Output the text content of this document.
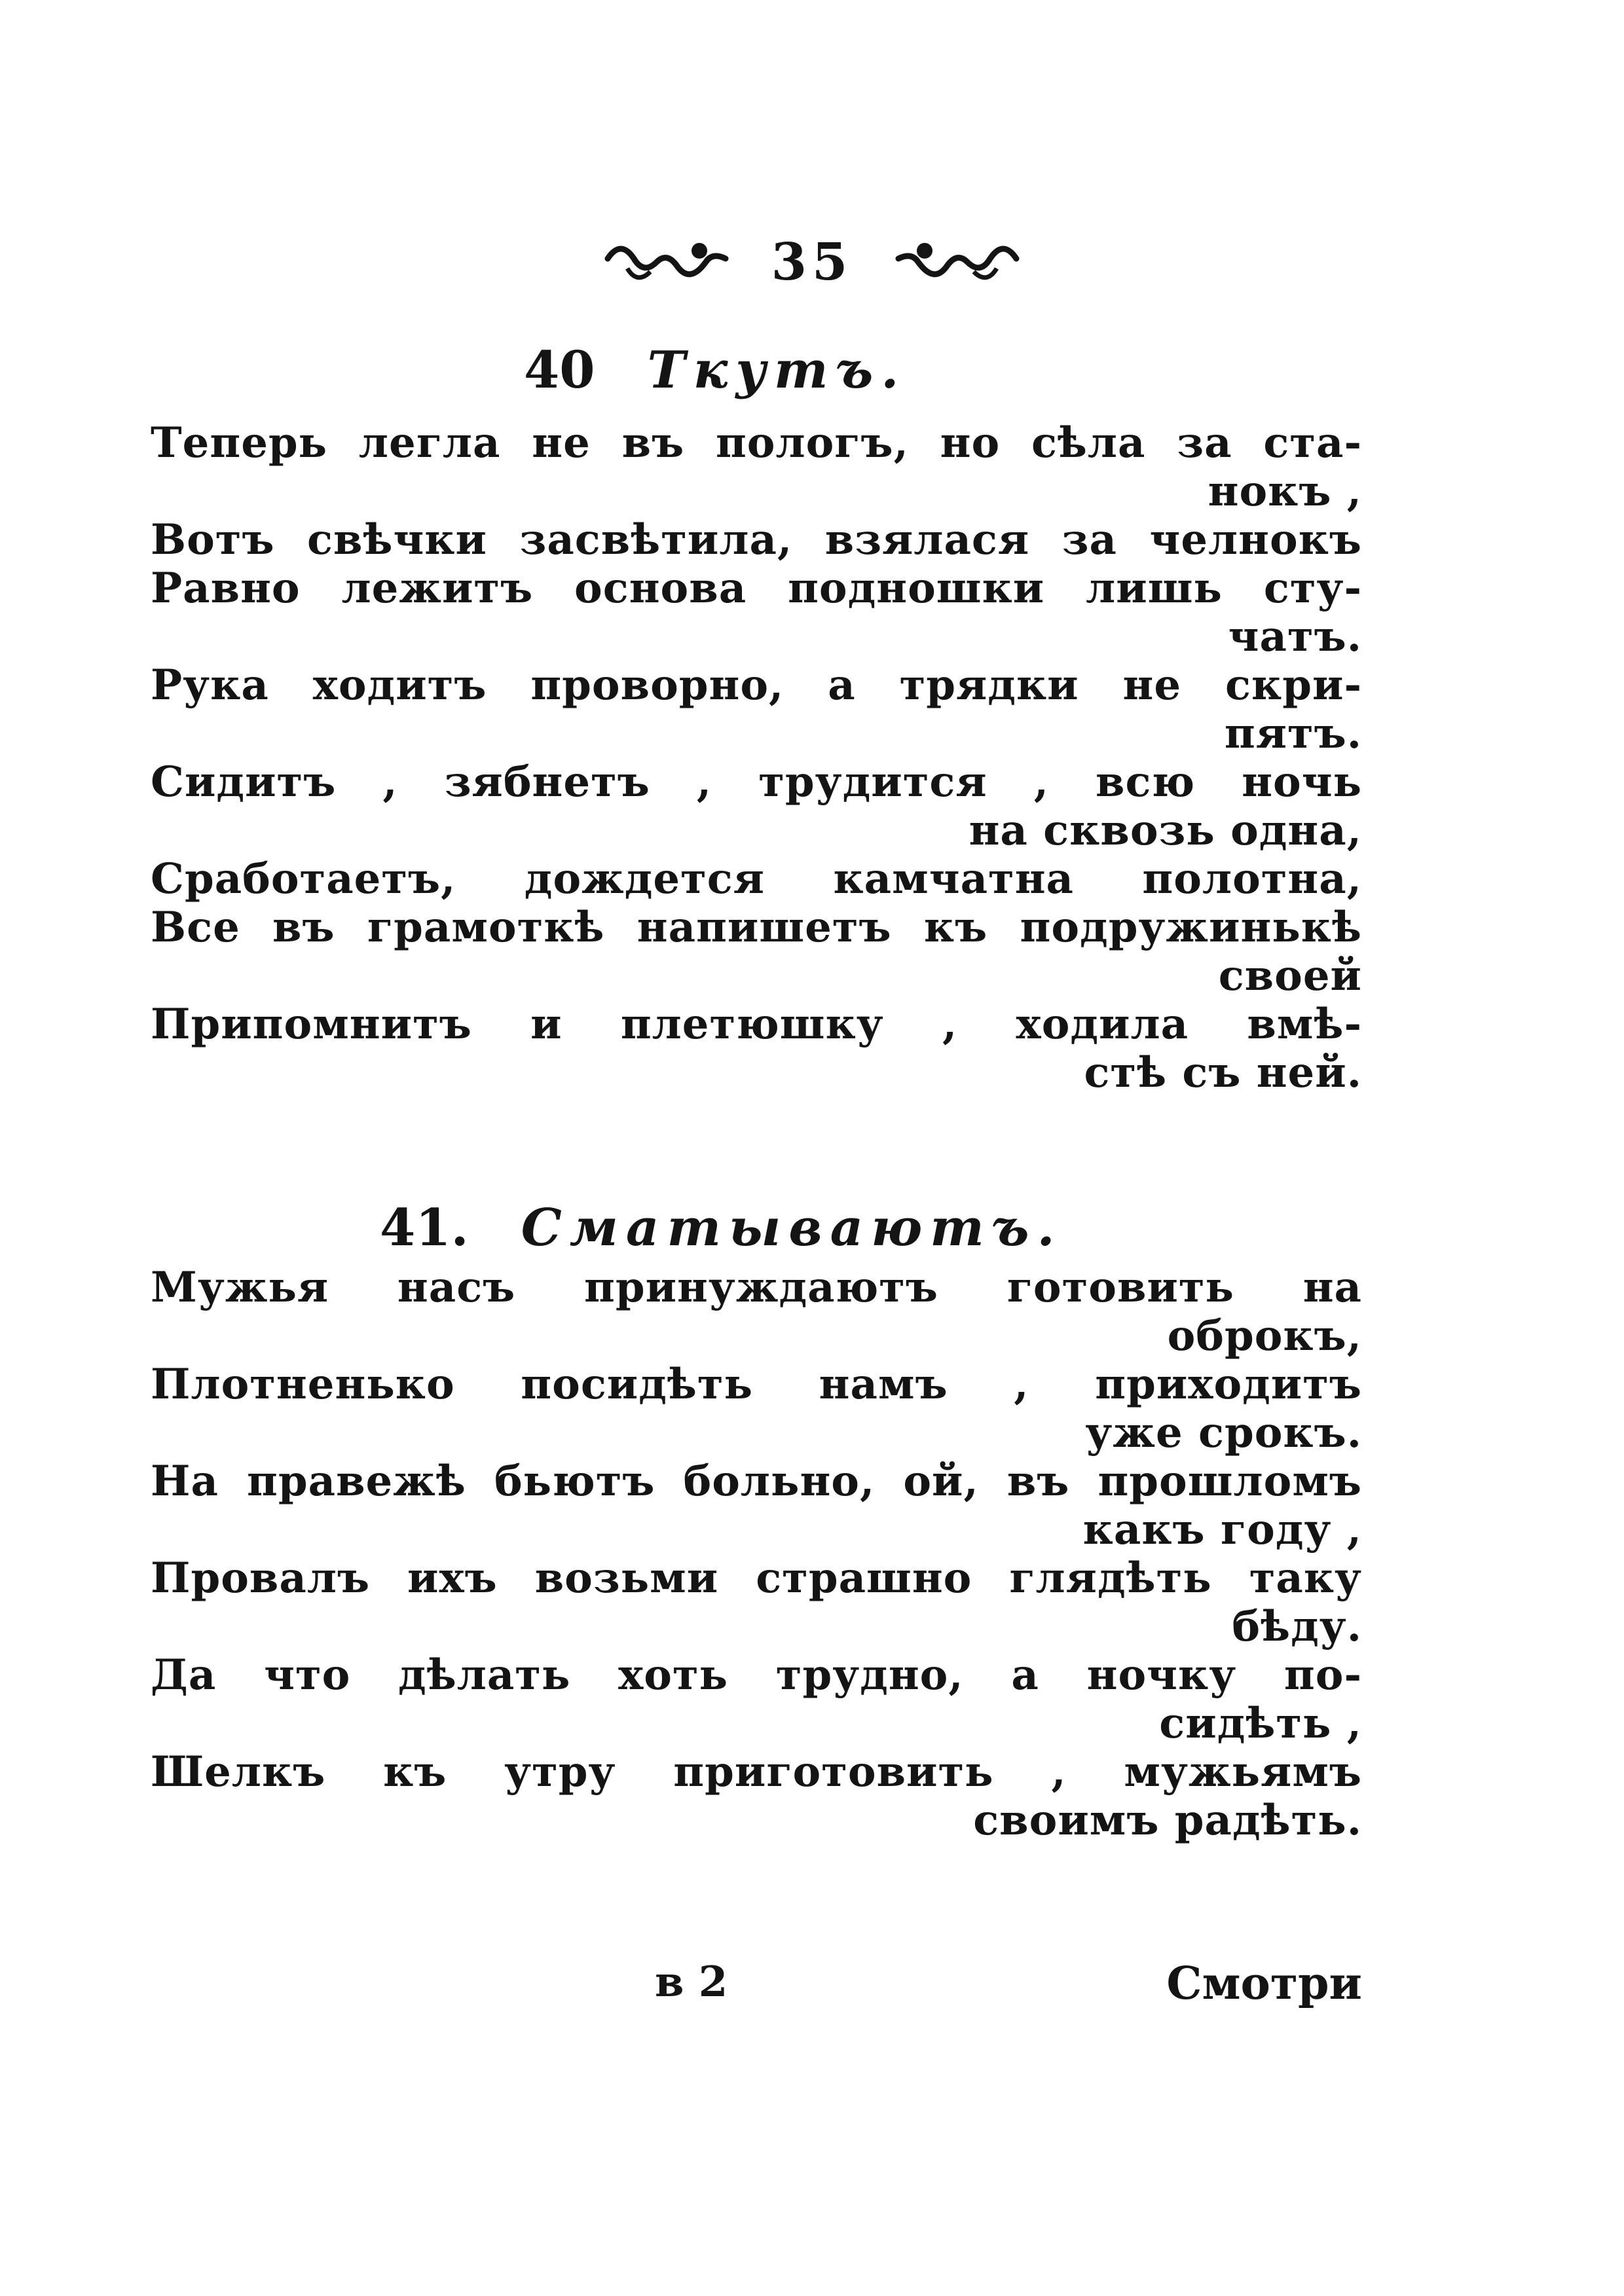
35
40 Ткутъ.
Теперь легла не въ пологъ, но сѣла за ста-
нокъ ,
Вотъ свѣчки засвѣтила, взялася за челнокъ
Равно лежитъ основа подношки лишь сту-
чатъ.
Рука ходитъ проворно, а трядки не скри-
пятъ.
Сидитъ , зябнетъ , трудится , всю ночь
на сквозь одна,
Сработаетъ, дождется камчатна полотна,
Все въ грамоткѣ напишетъ къ подружинькѣ
своей
Припомнитъ и плетюшку , ходила вмѣ-
стѣ съ ней.
41. Сматываютъ.
Мужья насъ принуждаютъ готовить на
оброкъ,
Плотненько посидѣть намъ , приходитъ
уже срокъ.
На правежѣ бьютъ больно, ой, въ прошломъ
какъ году ,
Провалъ ихъ возьми страшно глядѣть таку
бѣду.
Да что дѣлать хоть трудно, а ночку по-
сидѣть ,
Шелкъ къ утру приготовить , мужьямъ
своимъ радѣть.
в 2	Смотри
